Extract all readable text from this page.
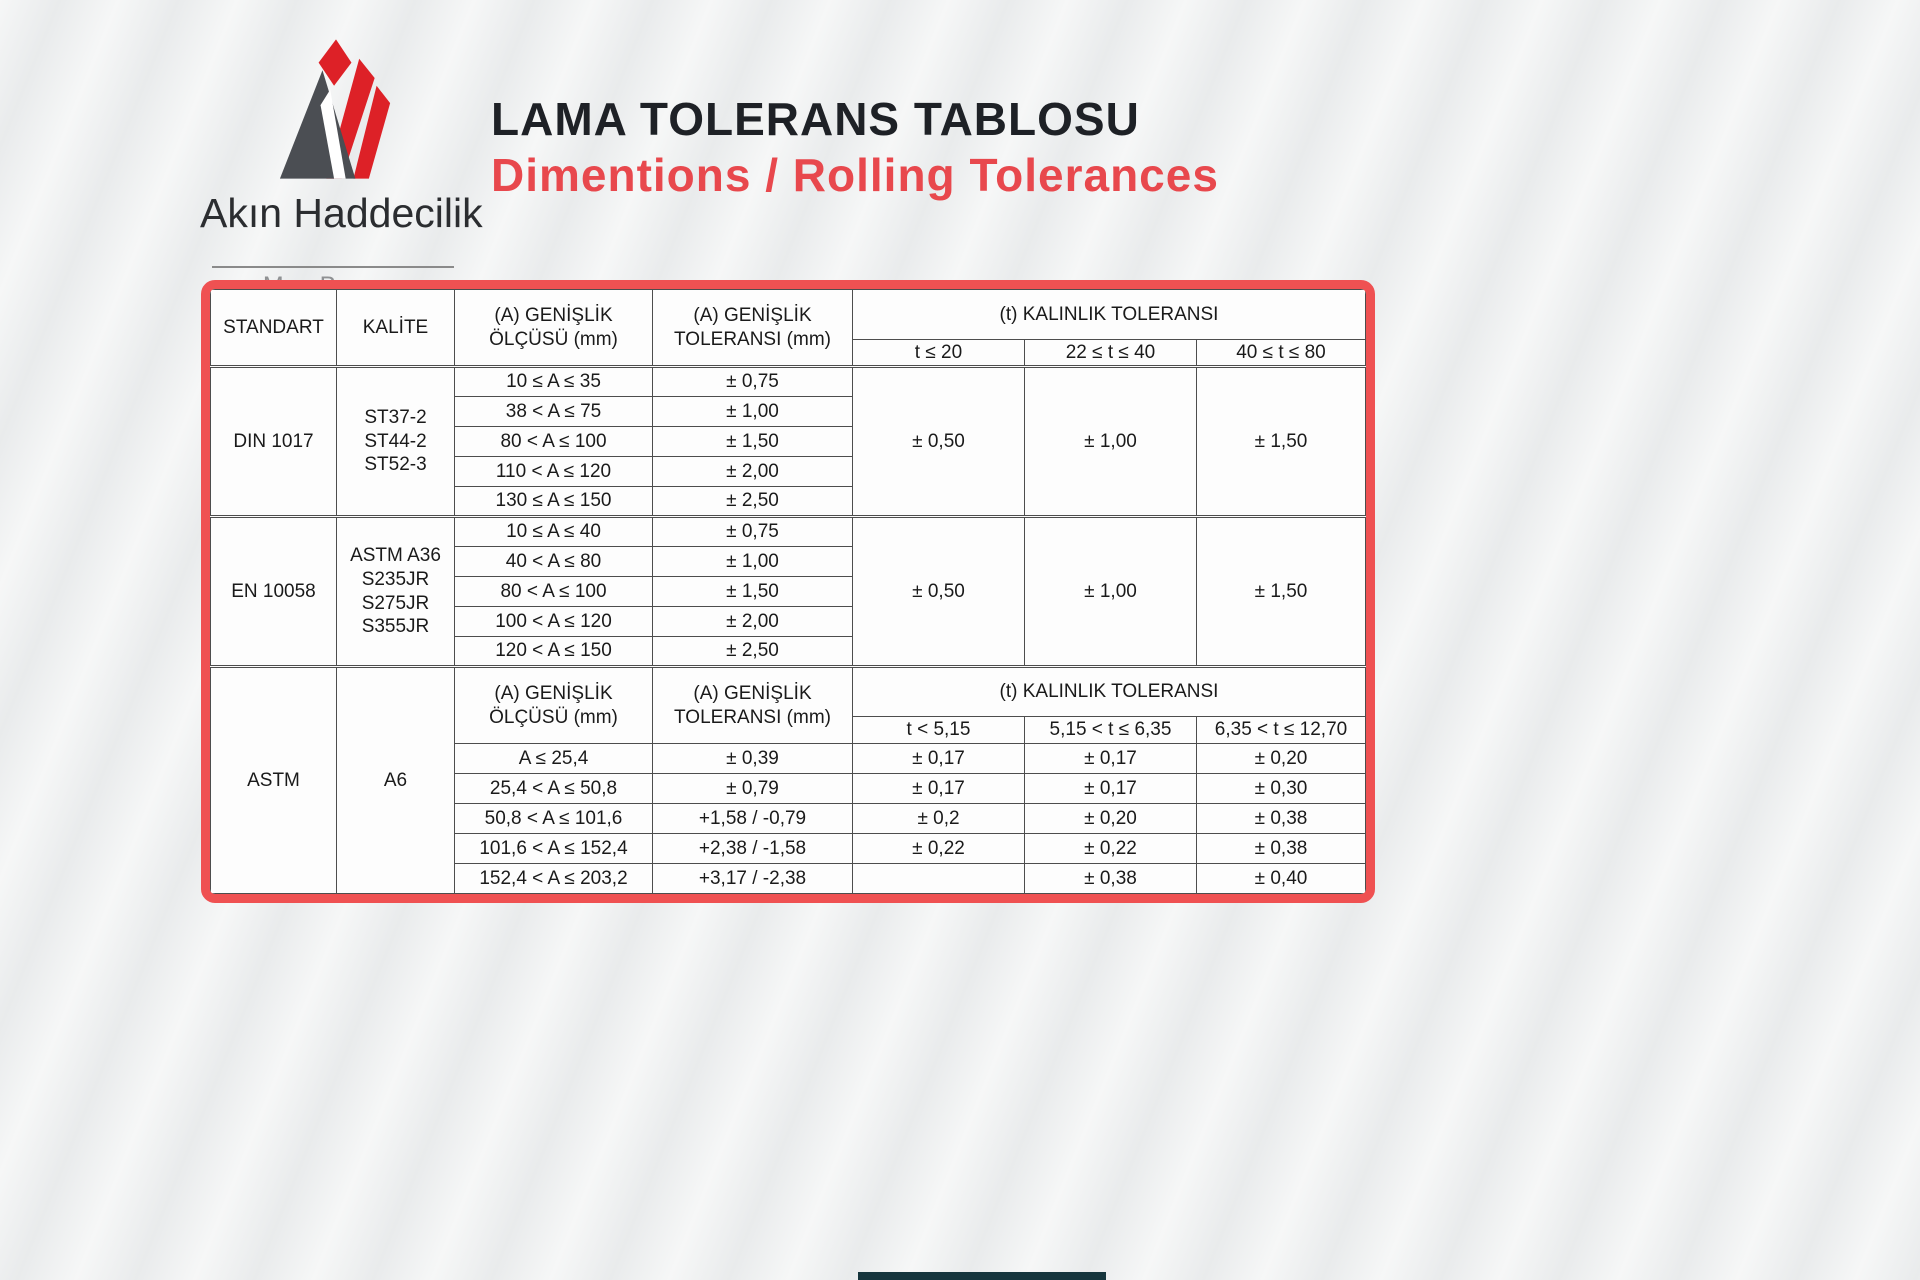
Akın Haddecilik
LAMA TOLERANS TABLOSU
Dimentions / Rolling Tolerances
STANDART	KALİTE	(A) GENİŞLİK ÖLÇÜSÜ (mm)	(A) GENİŞLİK TOLERANSI (mm)	(t) KALINLIK TOLERANSI		
				t ≤ 20	22 ≤ t ≤ 40	40 ≤ t ≤ 80
DIN 1017	ST37-2
ST44-2
ST52-3	10 ≤ A ≤ 35	± 0,75	± 0,50	± 1,00	± 1,50
		38 < A ≤ 75	± 1,00			
		80 < A ≤ 100	± 1,50			
		110 < A ≤ 120	± 2,00			
		130 ≤ A ≤ 150	± 2,50			
EN 10058	ASTM A36
S235JR
S275JR
S355JR	10 ≤ A ≤ 40	± 0,75	± 0,50	± 1,00	± 1,50
		40 < A ≤ 80	± 1,00			
		80 < A ≤ 100	± 1,50			
		100 < A ≤ 120	± 2,00			
		120 < A ≤ 150	± 2,50			
ASTM	A6	(A) GENİŞLİK ÖLÇÜSÜ (mm)	(A) GENİŞLİK TOLERANSI (mm)	(t) KALINLIK TOLERANSI		
				t < 5,15	5,15 < t ≤ 6,35	6,35 < t ≤ 12,70
		A ≤ 25,4	± 0,39	± 0,17	± 0,17	± 0,20
		25,4 < A ≤ 50,8	± 0,79	± 0,17	± 0,17	± 0,30
		50,8 < A ≤ 101,6	+1,58 / -0,79	± 0,2	± 0,20	± 0,38
		101,6 < A ≤ 152,4	+2,38 / -1,58	± 0,22	± 0,22	± 0,38
		152,4 < A ≤ 203,2	+3,17 / -2,38		± 0,38	± 0,40
